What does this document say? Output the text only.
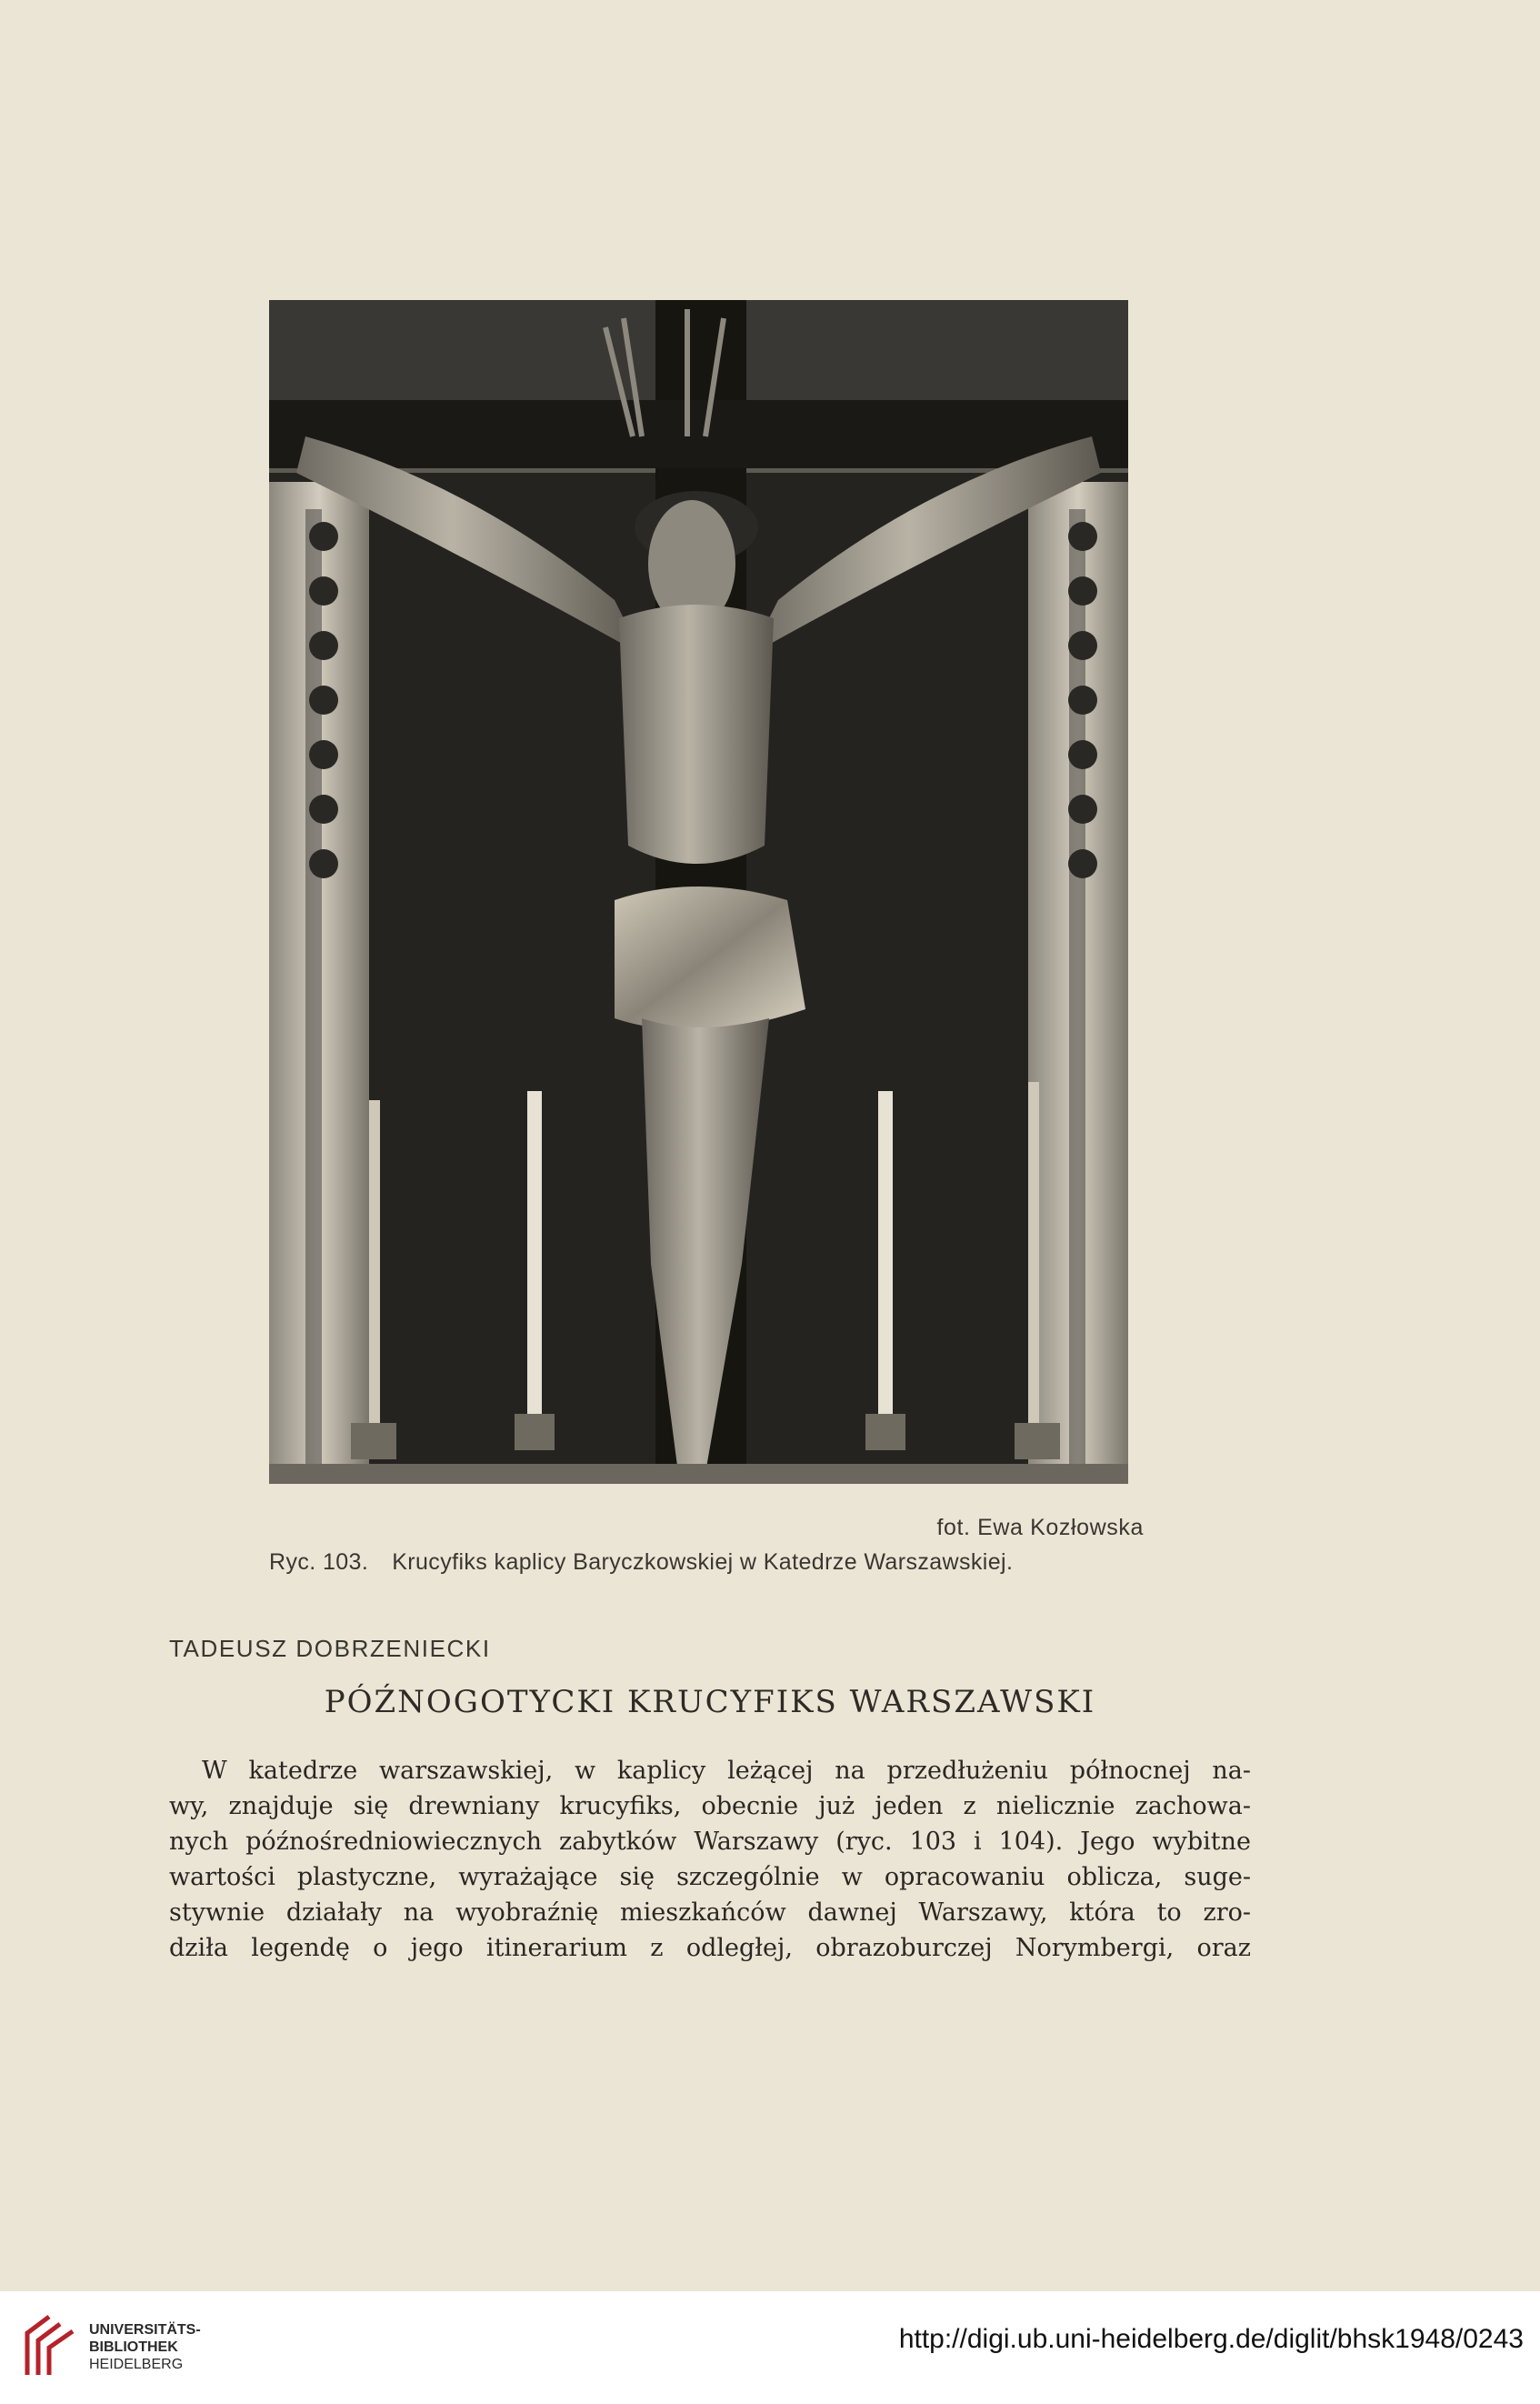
fot. Ewa Kozłowska
Ryc. 103. Krucyfiks kaplicy Baryczkowskiej w Katedrze Warszawskiej.
TADEUSZ DOBRZENIECKI
PÓŹNOGOTYCKI KRUCYFIKS WARSZAWSKI
W katedrze warszawskiej, w kaplicy leżącej na przedłużeniu północnej na-
wy, znajduje się drewniany krucyfiks, obecnie już jeden z nielicznie zachowa-
nych późnośredniowiecznych zabytków Warszawy (ryc. 103 i 104). Jego wybitne
wartości plastyczne, wyrażające się szczególnie w opracowaniu oblicza, suge-
stywnie działały na wyobraźnię mieszkańców dawnej Warszawy, która to zro-
dziła legendę o jego itinerarium z odległej, obrazoburczej Norymbergi, oraz
UNIVERSITÄTS-
BIBLIOTHEK
HEIDELBERG
http://digi.ub.uni-heidelberg.de/diglit/bhsk1948/0243
